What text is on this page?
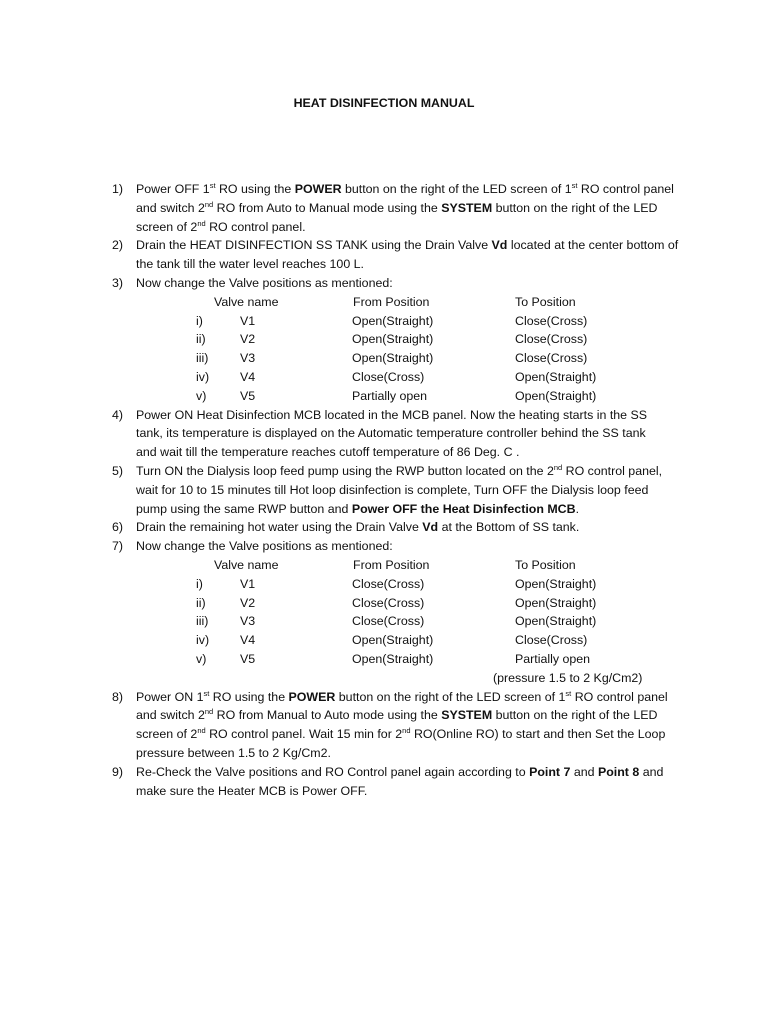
HEAT DISINFECTION MANUAL
1) Power OFF 1st RO using the POWER button on the right of the LED screen of 1st RO control panel
and switch 2nd RO from Auto to Manual mode using the SYSTEM button on the right of the LED
screen of 2nd RO control panel.
2) Drain the HEAT DISINFECTION SS TANK using the Drain Valve Vd located at the center bottom of
the tank till the water level reaches 100 L.
3) Now change the Valve positions as mentioned:
Valve name	From Position	To Position
i)	V1	Open(Straight)	Close(Cross)
ii)	V2	Open(Straight)	Close(Cross)
iii)	V3	Open(Straight)	Close(Cross)
iv) V4	Close(Cross)	Open(Straight)
v)	V5	Partially open	Open(Straight)
4) Power ON Heat Disinfection MCB located in the MCB panel. Now the heating starts in the SS
tank, its temperature is displayed on the Automatic temperature controller behind the SS tank
and wait till the temperature reaches cutoff temperature of 86 Deg. C .
5) Turn ON the Dialysis loop feed pump using the RWP button located on the 2nd RO control panel,
wait for 10 to 15 minutes till Hot loop disinfection is complete, Turn OFF the Dialysis loop feed
pump using the same RWP button and Power OFF the Heat Disinfection MCB.
6) Drain the remaining hot water using the Drain Valve Vd at the Bottom of SS tank.
7) Now change the Valve positions as mentioned:
Valve name	From Position	To Position
i)	V1	Close(Cross)	Open(Straight)
ii)	V2	Close(Cross)	Open(Straight)
iii)	V3	Close(Cross)	Open(Straight)
iv) V4	Open(Straight)	Close(Cross)
v)	V5	Open(Straight)	Partially open
(pressure 1.5 to 2 Kg/Cm2)
8) Power ON 1st RO using the POWER button on the right of the LED screen of 1st RO control panel
and switch 2nd RO from Manual to Auto mode using the SYSTEM button on the right of the LED
screen of 2nd RO control panel. Wait 15 min for 2nd RO(Online RO) to start and then Set the Loop
pressure between 1.5 to 2 Kg/Cm2.
9) Re-Check the Valve positions and RO Control panel again according to Point 7 and Point 8 and
make sure the Heater MCB is Power OFF.
